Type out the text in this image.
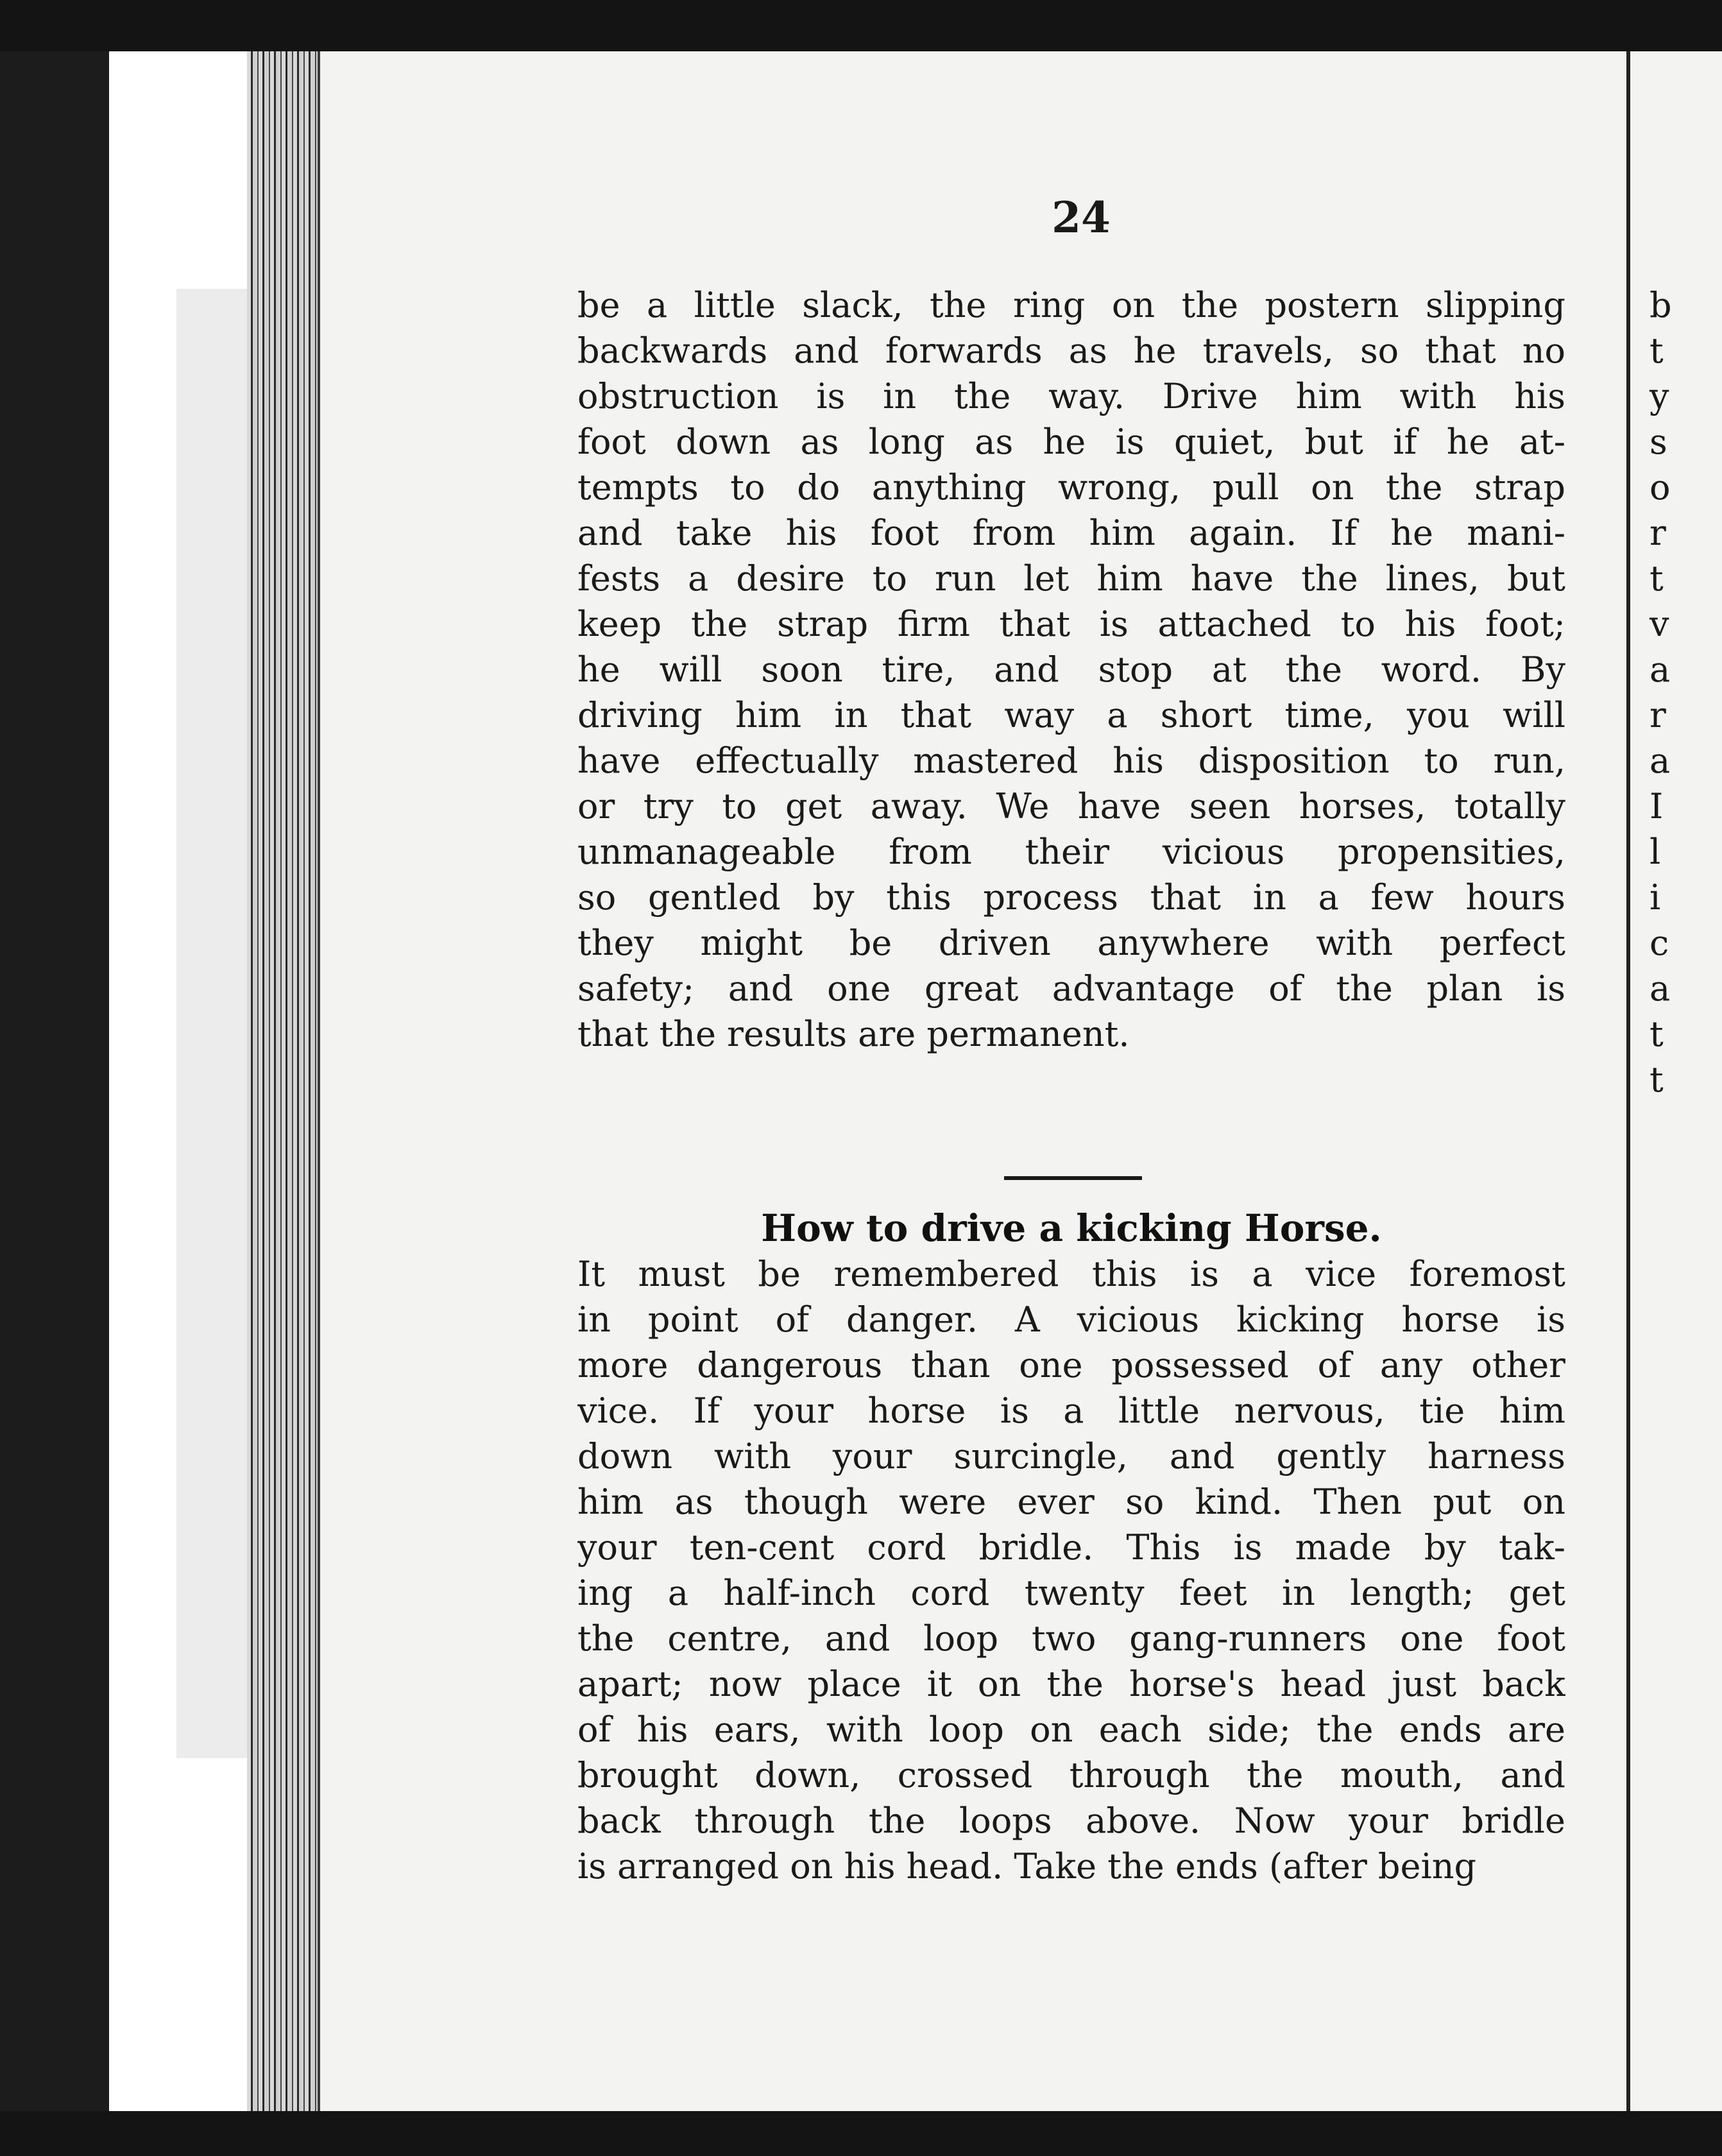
24
be a little slack, the ring on the postern slipping
backwards and forwards as he travels, so that no
obstruction is in the way. Drive him with his
foot down as long as he is quiet, but if he at-
tempts to do anything wrong, pull on the strap
and take his foot from him again. If he mani-
fests a desire to run let him have the lines, but
keep the strap firm that is attached to his foot;
he will soon tire, and stop at the word. By
driving him in that way a short time, you will
have effectually mastered his disposition to run,
or try to get away. We have seen horses, totally
unmanageable from their vicious propensities,
so gentled by this process that in a few hours
they might be driven anywhere with perfect
safety; and one great advantage of the plan is
that the results are permanent.
How to drive a kicking Horse.
It must be remembered this is a vice foremost
in point of danger. A vicious kicking horse is
more dangerous than one possessed of any other
vice. If your horse is a little nervous, tie him
down with your surcingle, and gently harness
him as though were ever so kind. Then put on
your ten-cent cord bridle. This is made by tak-
ing a half-inch cord twenty feet in length; get
the centre, and loop two gang-runners one foot
apart; now place it on the horse's head just back
of his ears, with loop on each side; the ends are
brought down, crossed through the mouth, and
back through the loops above. Now your bridle
is arranged on his head. Take the ends (after being
b
t
y
s
o
r
t
v
a
r
a
I
l
i
c
a
t
t
